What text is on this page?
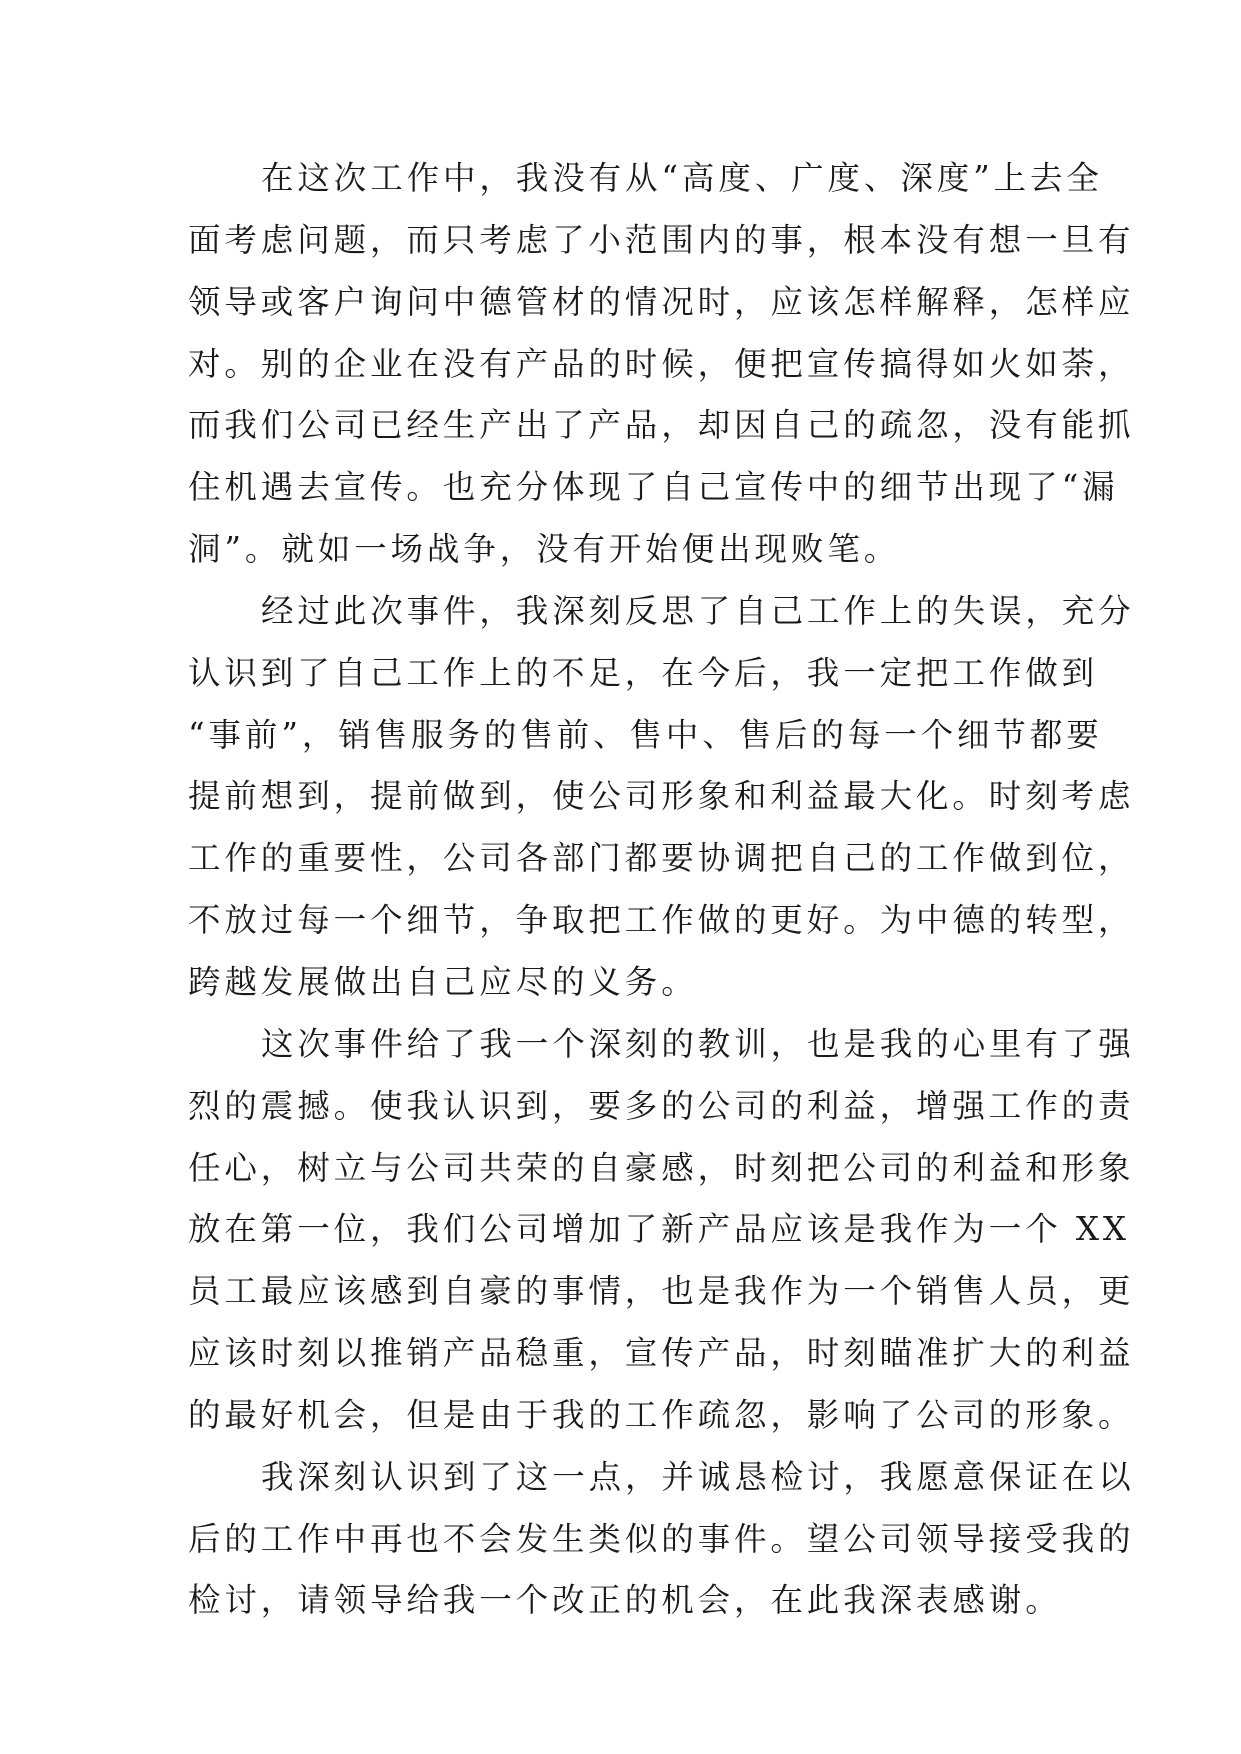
在这次工作中，我没有从“高度、广度、深度”上去全
面考虑问题，而只考虑了小范围内的事，根本没有想一旦有
领导或客户询问中德管材的情况时，应该怎样解释，怎样应
对。别的企业在没有产品的时候，便把宣传搞得如火如荼，
而我们公司已经生产出了产品，却因自己的疏忽，没有能抓
住机遇去宣传。也充分体现了自己宣传中的细节出现了“漏
洞”。就如一场战争，没有开始便出现败笔。
经过此次事件，我深刻反思了自己工作上的失误，充分
认识到了自己工作上的不足，在今后，我一定把工作做到
“事前”，销售服务的售前、售中、售后的每一个细节都要
提前想到，提前做到，使公司形象和利益最大化。时刻考虑
工作的重要性，公司各部门都要协调把自己的工作做到位，
不放过每一个细节，争取把工作做的更好。为中德的转型，
跨越发展做出自己应尽的义务。
这次事件给了我一个深刻的教训，也是我的心里有了强
烈的震撼。使我认识到，要多的公司的利益，增强工作的责
任心，树立与公司共荣的自豪感，时刻把公司的利益和形象
放在第一位，我们公司增加了新产品应该是我作为一个 XX
员工最应该感到自豪的事情，也是我作为一个销售人员，更
应该时刻以推销产品稳重，宣传产品，时刻瞄准扩大的利益
的最好机会，但是由于我的工作疏忽，影响了公司的形象。
我深刻认识到了这一点，并诚恳检讨，我愿意保证在以
后的工作中再也不会发生类似的事件。望公司领导接受我的
检讨，请领导给我一个改正的机会，在此我深表感谢。
